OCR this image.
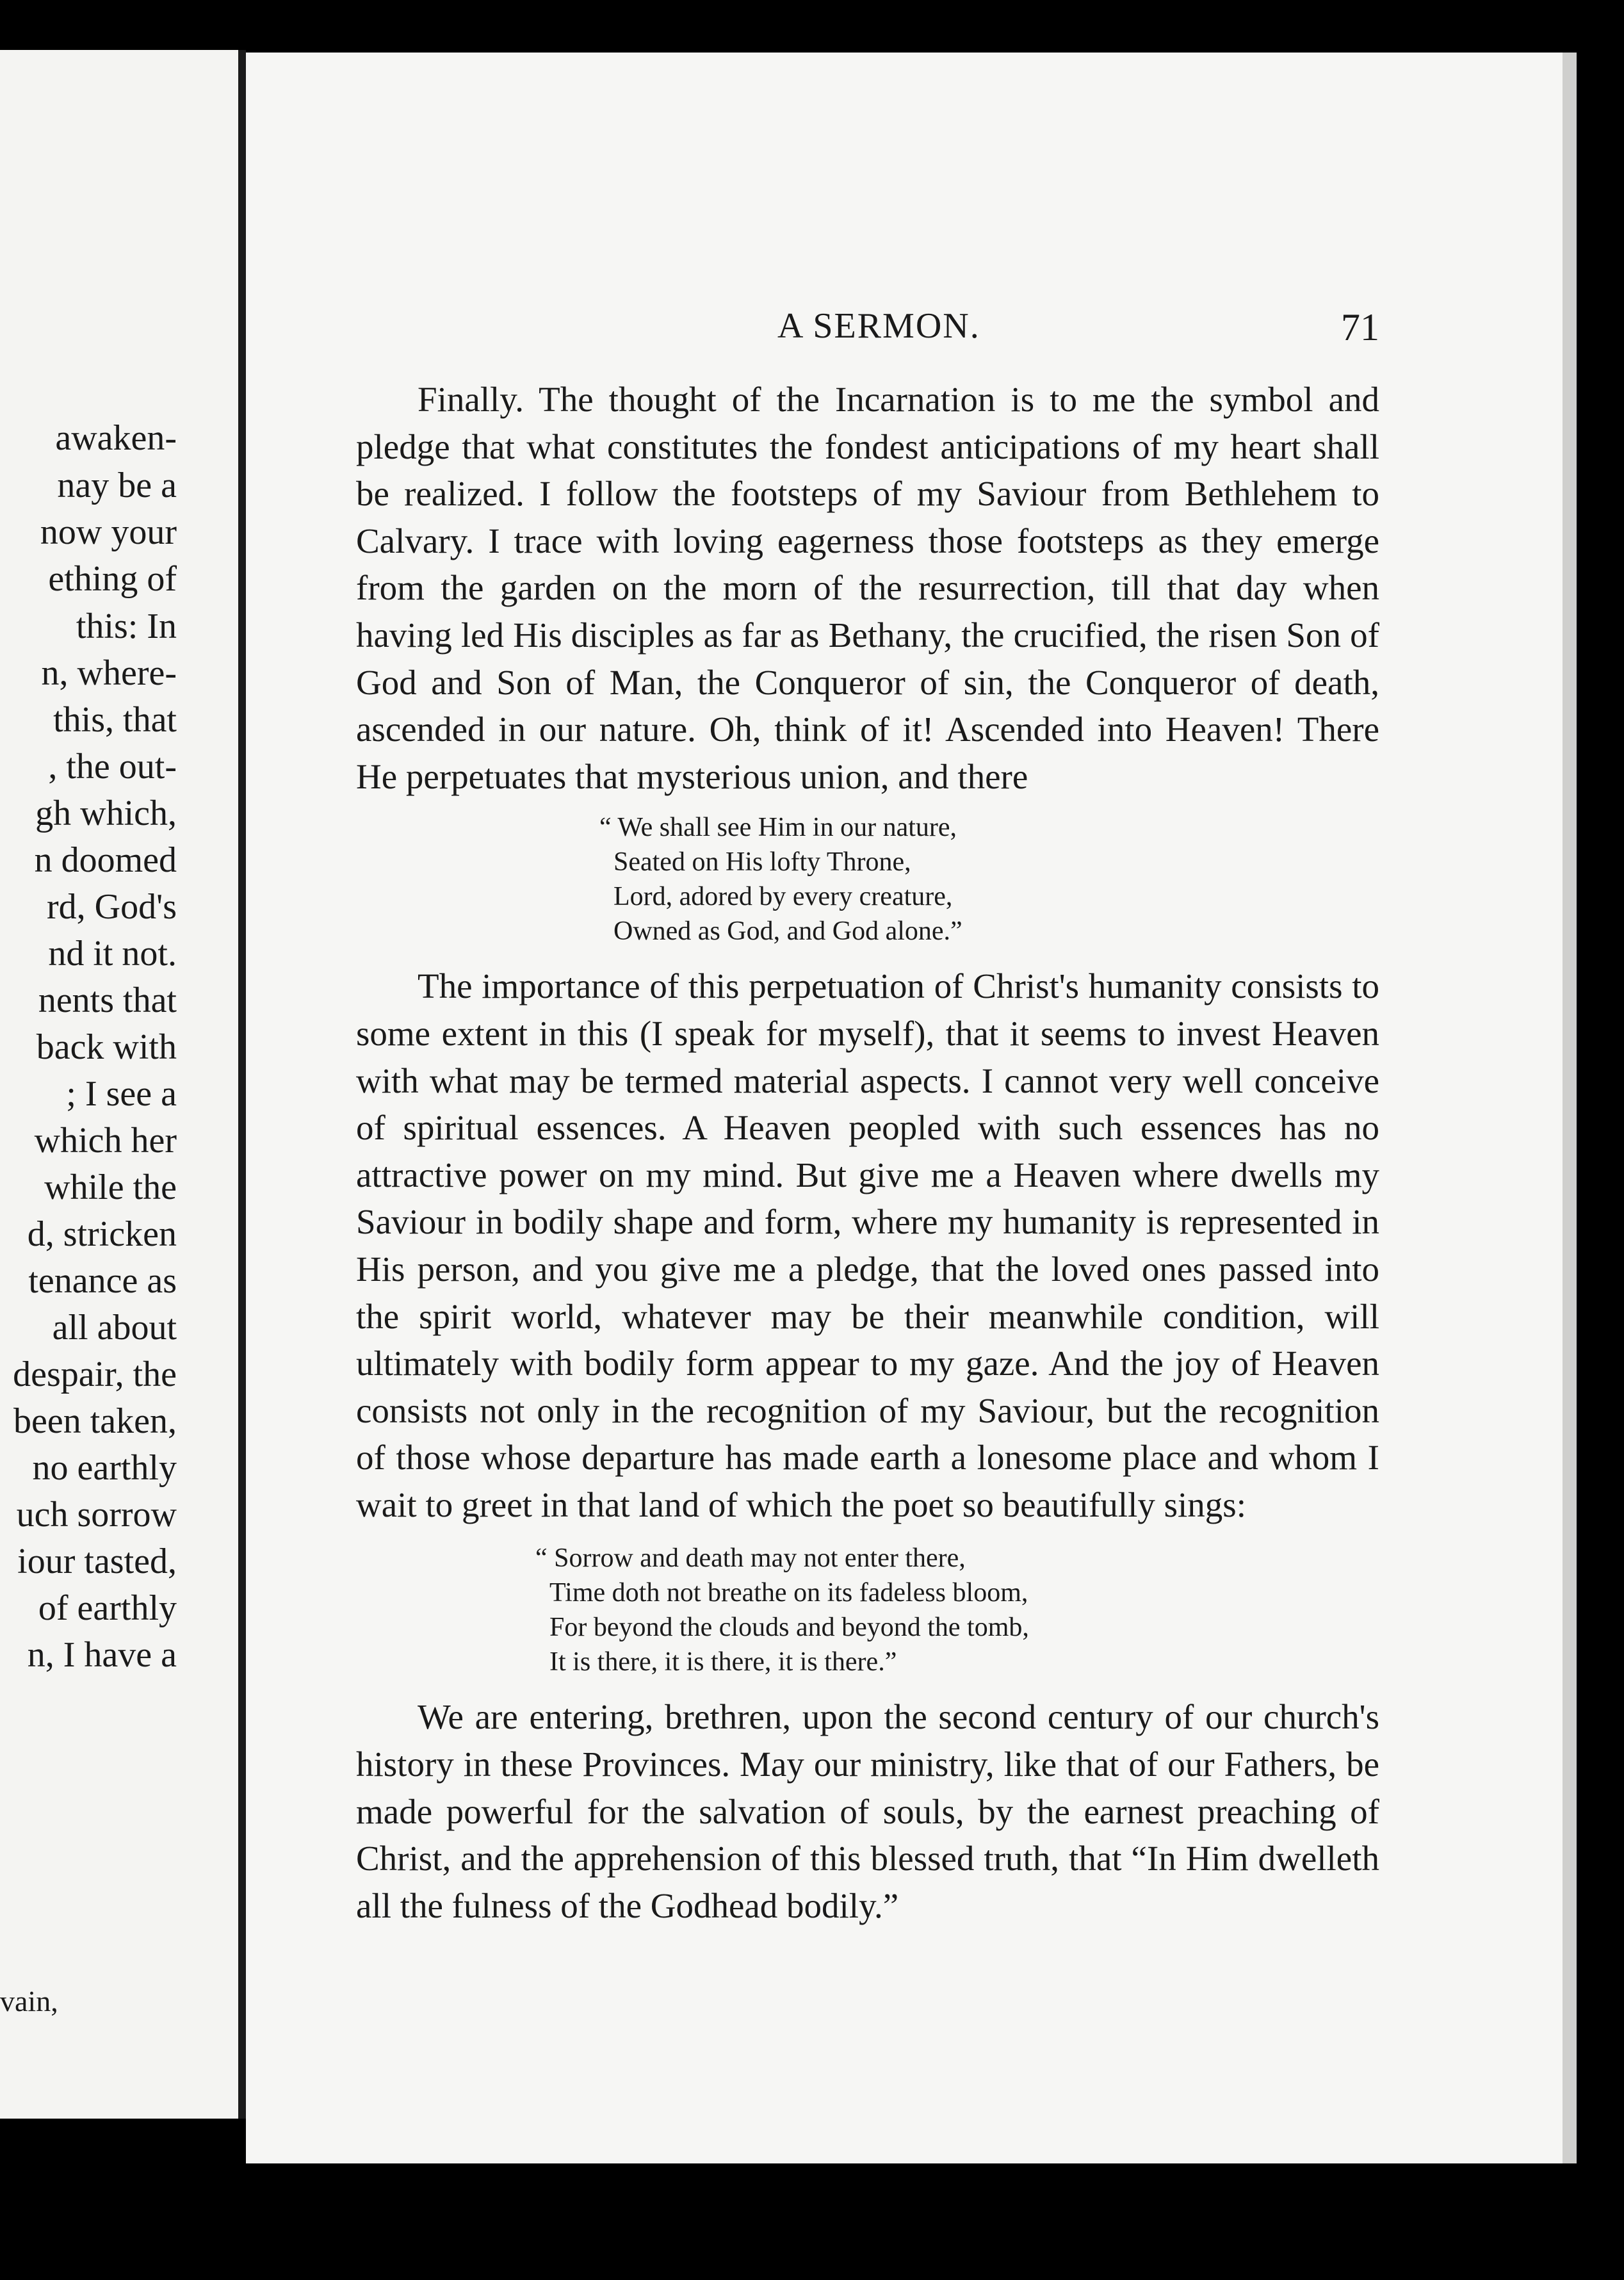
awaken-
nay be a
now your
ething of
this: In
n, where-
this, that
, the out-
gh which,
n doomed
rd, God's
nd it not.
nents that
back with
; I see a
which her
while the
d, stricken
tenance as
all about
despair, the
been taken,
no earthly
uch sorrow
iour tasted,
of earthly
n, I have a
vain,
A SERMON.	71

Finally. The thought of the Incarnation is to me the symbol and pledge that what constitutes the fondest anticipations of my heart shall be realized. I follow the footsteps of my Saviour from Bethlehem to Calvary. I trace with loving eagerness those footsteps as they emerge from the garden on the morn of the resurrection, till that day when having led His disciples as far as Bethany, the crucified, the risen Son of God and Son of Man, the Conqueror of sin, the Conqueror of death, ascended in our nature. Oh, think of it! Ascended into Heaven! There He perpetuates that mysterious union, and there

“ We shall see Him in our nature,
Seated on His lofty Throne,
Lord, adored by every creature,
Owned as God, and God alone.”

The importance of this perpetuation of Christ's humanity consists to some extent in this (I speak for myself), that it seems to invest Heaven with what may be termed material aspects. I cannot very well conceive of spiritual essences. A Heaven peopled with such essences has no attractive power on my mind. But give me a Heaven where dwells my Saviour in bodily shape and form, where my humanity is represented in His person, and you give me a pledge, that the loved ones passed into the spirit world, whatever may be their meanwhile condition, will ultimately with bodily form appear to my gaze. And the joy of Heaven consists not only in the recognition of my Saviour, but the recognition of those whose departure has made earth a lonesome place and whom I wait to greet in that land of which the poet so beautifully sings:

“ Sorrow and death may not enter there,
Time doth not breathe on its fadeless bloom,
For beyond the clouds and beyond the tomb,
It is there, it is there, it is there.”

We are entering, brethren, upon the second century of our church's history in these Provinces. May our ministry, like that of our Fathers, be made powerful for the salvation of souls, by the earnest preaching of Christ, and the apprehension of this blessed truth, that “In Him dwelleth all the fulness of the Godhead bodily.”
